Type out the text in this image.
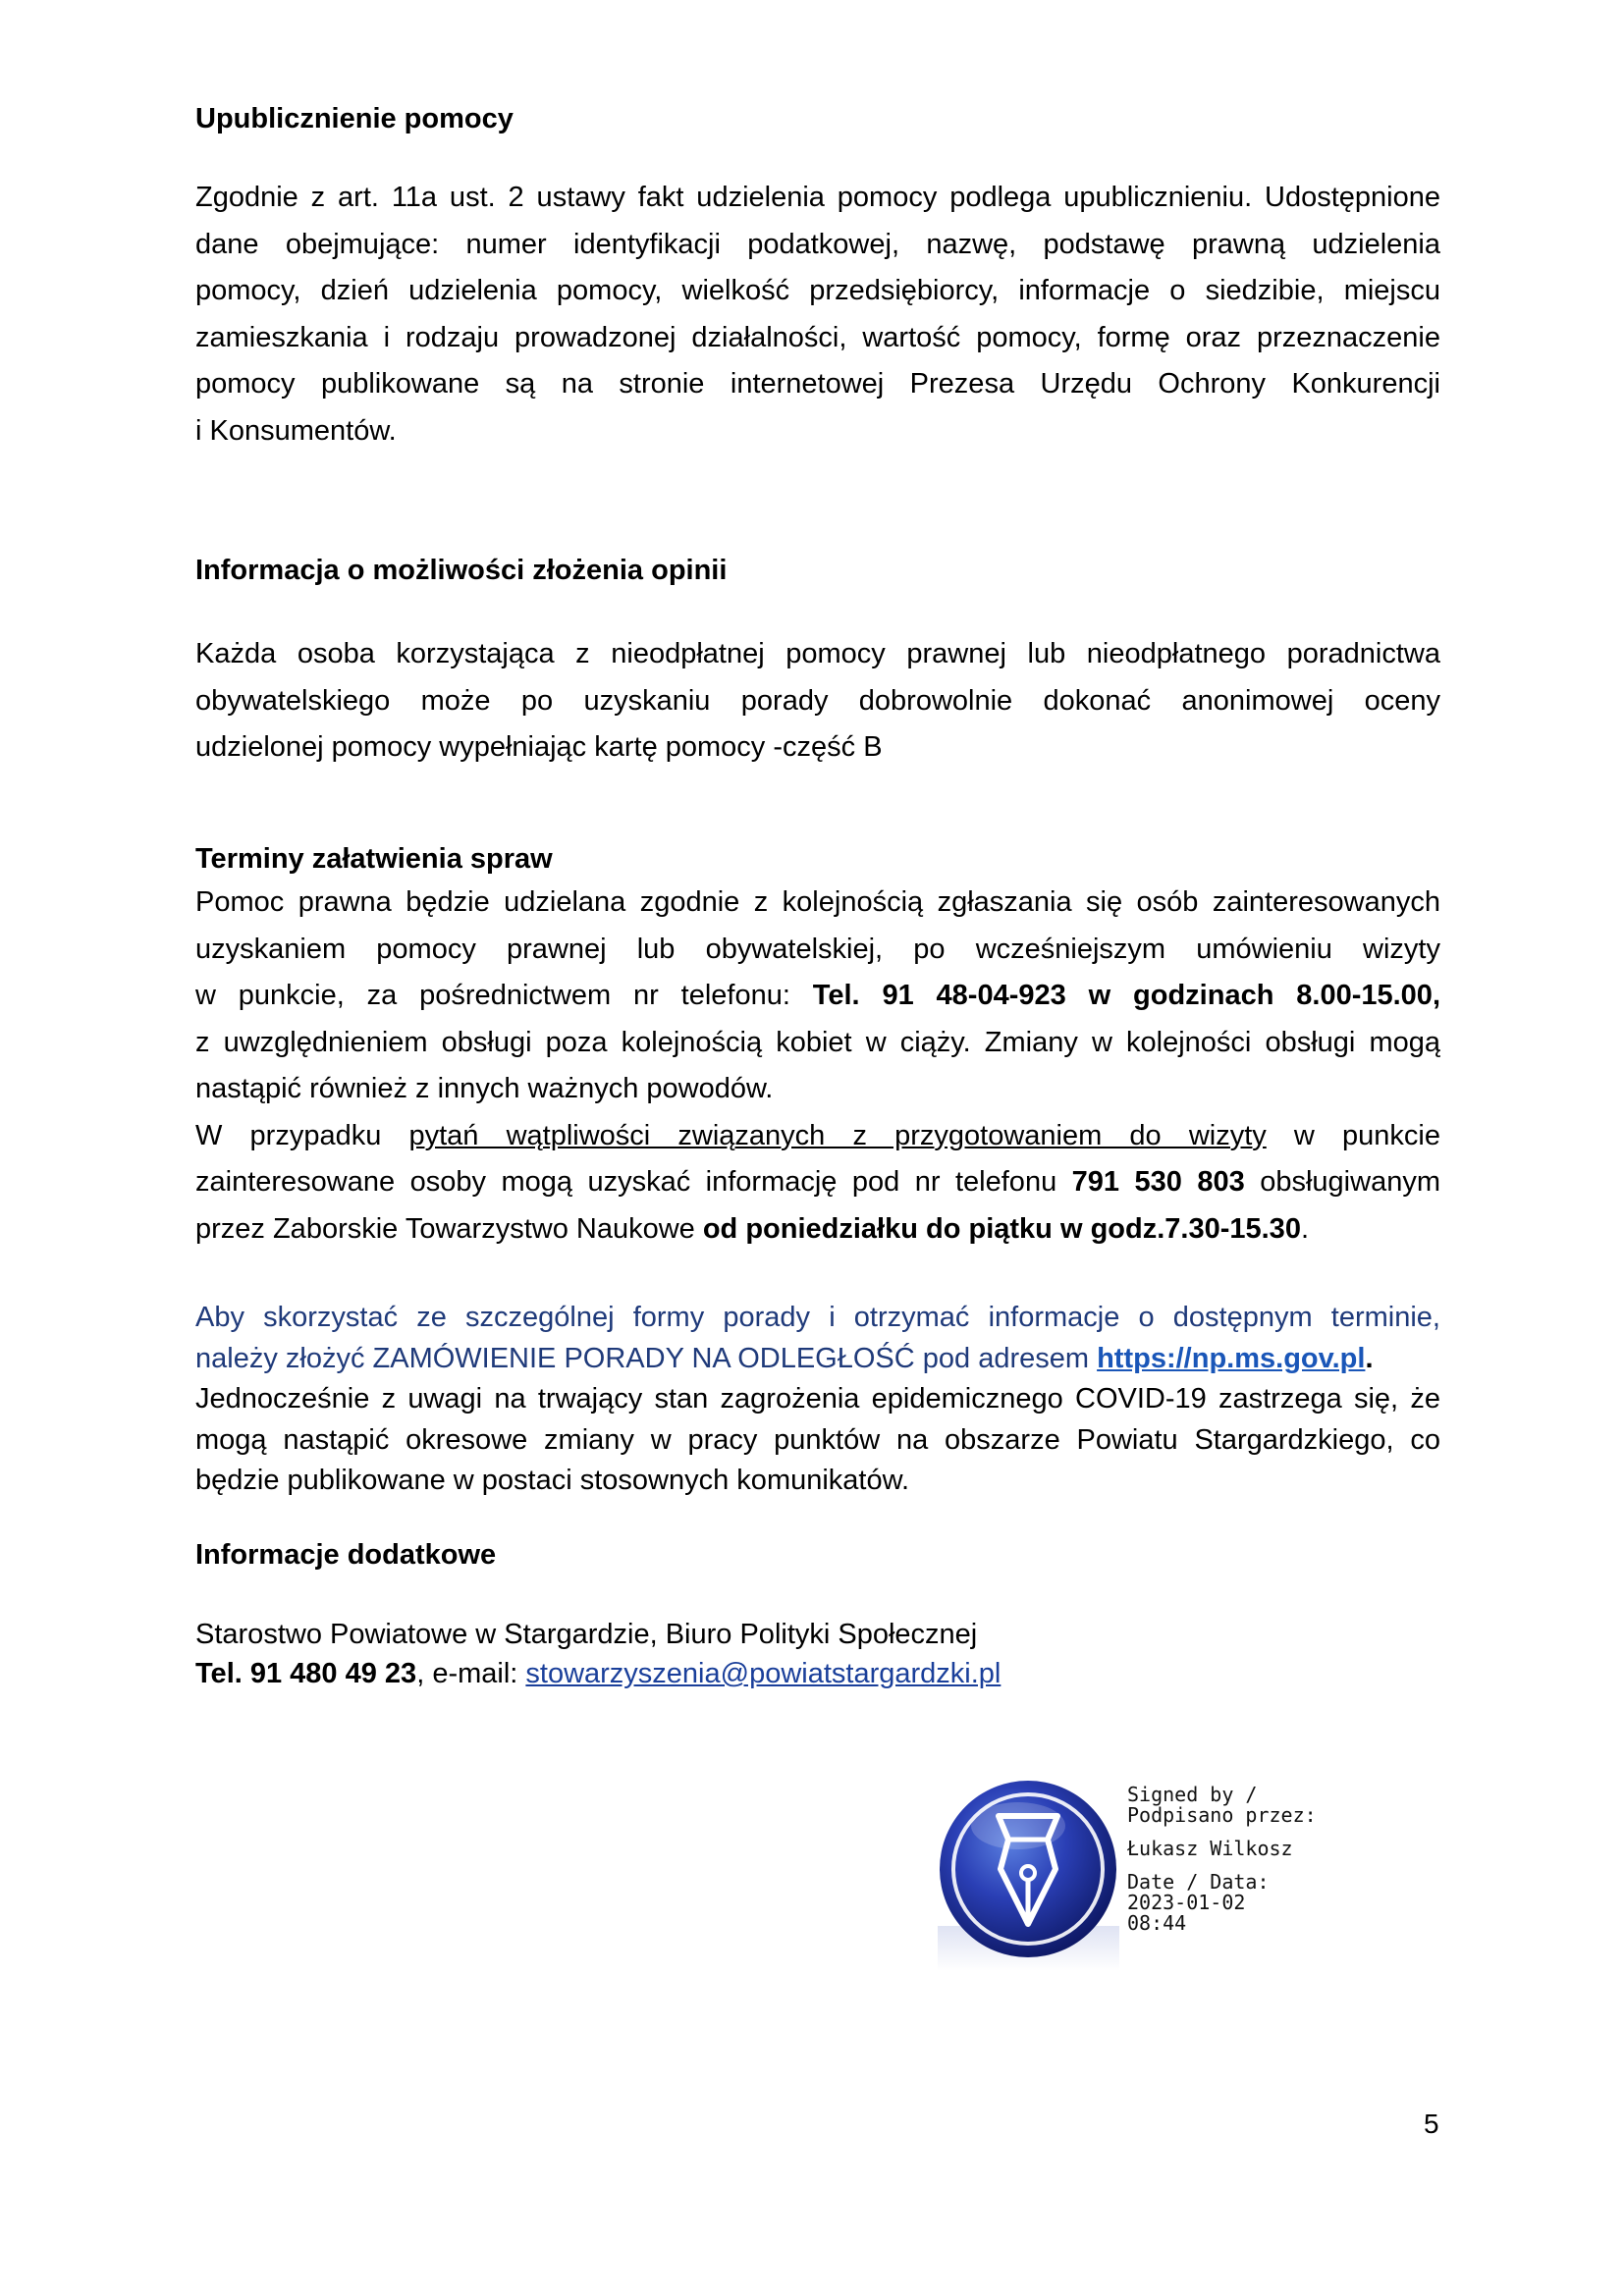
Upublicznienie pomocy
Zgodnie z art. 11a ust. 2 ustawy fakt udzielenia pomocy podlega upublicznieniu. Udostępnione
dane obejmujące: numer identyfikacji podatkowej, nazwę, podstawę prawną udzielenia
pomocy, dzień udzielenia pomocy, wielkość przedsiębiorcy, informacje o siedzibie, miejscu
zamieszkania i rodzaju prowadzonej działalności, wartość pomocy, formę oraz przeznaczenie
pomocy publikowane są na stronie internetowej Prezesa Urzędu Ochrony Konkurencji
i Konsumentów.
Informacja o możliwości złożenia opinii
Każda osoba korzystająca z nieodpłatnej pomocy prawnej lub nieodpłatnego poradnictwa
obywatelskiego może po uzyskaniu porady dobrowolnie dokonać anonimowej oceny
udzielonej pomocy wypełniając kartę pomocy -część B
Terminy załatwienia spraw
Pomoc prawna będzie udzielana zgodnie z kolejnością zgłaszania się osób zainteresowanych
uzyskaniem pomocy prawnej lub obywatelskiej, po wcześniejszym umówieniu wizyty
w punkcie, za pośrednictwem nr telefonu: Tel. 91 48-04-923 w godzinach 8.00-15.00,
z uwzględnieniem obsługi poza kolejnością kobiet w ciąży. Zmiany w kolejności obsługi mogą
nastąpić również z innych ważnych powodów.
W przypadku pytań wątpliwości związanych z przygotowaniem do wizyty w punkcie
zainteresowane osoby mogą uzyskać informację pod nr telefonu 791 530 803 obsługiwanym
przez Zaborskie Towarzystwo Naukowe od poniedziałku do piątku w godz.7.30-15.30.
Aby skorzystać ze szczególnej formy porady i otrzymać informacje o dostępnym terminie,
należy złożyć ZAMÓWIENIE PORADY NA ODLEGŁOŚĆ pod adresem https://np.ms.gov.pl.
Jednocześnie z uwagi na trwający stan zagrożenia epidemicznego COVID-19 zastrzega się, że
mogą nastąpić okresowe zmiany w pracy punktów na obszarze Powiatu Stargardzkiego, co
będzie publikowane w postaci stosownych komunikatów.
Informacje dodatkowe
Starostwo Powiatowe w Stargardzie, Biuro Polityki Społecznej
Tel. 91 480 49 23, e-mail: stowarzyszenia@powiatstargardzki.pl
Signed by /
Podpisano przez:
Łukasz Wilkosz
Date / Data:
2023-01-02
08:44
5
